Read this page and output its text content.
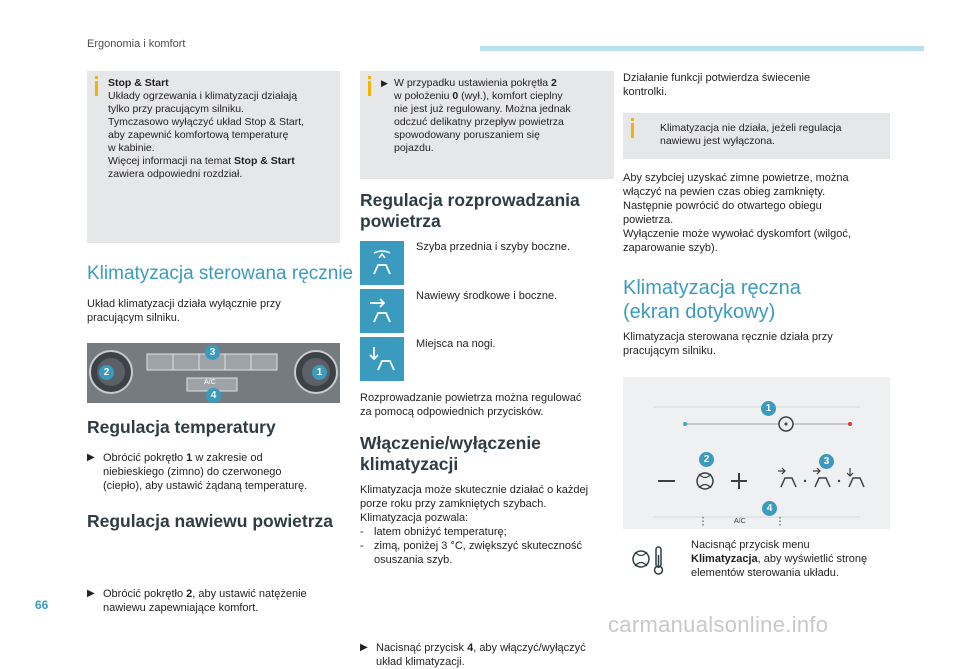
Ergonomia i komfort
Stop & Start
Układy ogrzewania i klimatyzacji działają
tylko przy pracującym silniku.
Tymczasowo wyłączyć układ Stop & Start,
aby zapewnić komfortową temperaturę
w kabinie.
Więcej informacji na temat Stop & Start
zawiera odpowiedni rozdział.
Klimatyzacja sterowana ręcznie
Układ klimatyzacji działa wyłącznie przy
pracującym silniku.
A/C
3
2	1
4
Regulacja temperatury
▶ Obrócić pokrętło 1 w zakresie od
niebieskiego (zimno) do czerwonego
(ciepło), aby ustawić żądaną temperaturę.
Regulacja nawiewu powietrza
▶ Obrócić pokrętło 2, aby ustawić natężenie
nawiewu zapewniające komfort.
▶ W przypadku ustawienia pokrętła 2
w położeniu 0 (wył.), komfort cieplny
nie jest już regulowany. Można jednak
odczuć delikatny przepływ powietrza
spowodowany poruszaniem się
pojazdu.
Regulacja rozprowadzania
powietrza
Szyba przednia i szyby boczne.
Nawiewy środkowe i boczne.
Miejsca na nogi.
Rozprowadzanie powietrza można regulować
za pomocą odpowiednich przycisków.
Włączenie/wyłączenie
klimatyzacji
Klimatyzacja może skutecznie działać o każdej
porze roku przy zamkniętych szybach.
Klimatyzacja pozwala:
- latem obniżyć temperaturę;
- zimą, poniżej 3 °C, zwiększyć skuteczność
osuszania szyb.
▶ Nacisnąć przycisk 4, aby włączyć/wyłączyć
układ klimatyzacji.
Działanie funkcji potwierdza świecenie
kontrolki.
Klimatyzacja nie działa, jeżeli regulacja
nawiewu jest wyłączona.
Aby szybciej uzyskać zimne powietrze, można
włączyć na pewien czas obieg zamknięty.
Następnie powrócić do otwartego obiegu
powietrza.
Wyłączenie może wywołać dyskomfort (wilgoć,
zaparowanie szyb).
Klimatyzacja ręczna
(ekran dotykowy)
Klimatyzacja sterowana ręcznie działa przy
pracującym silniku.
1
2	3
4
A/C
Nacisnąć przycisk menu
Klimatyzacja, aby wyświetlić stronę
elementów sterowania układu.
66
carmanualsonline.info
